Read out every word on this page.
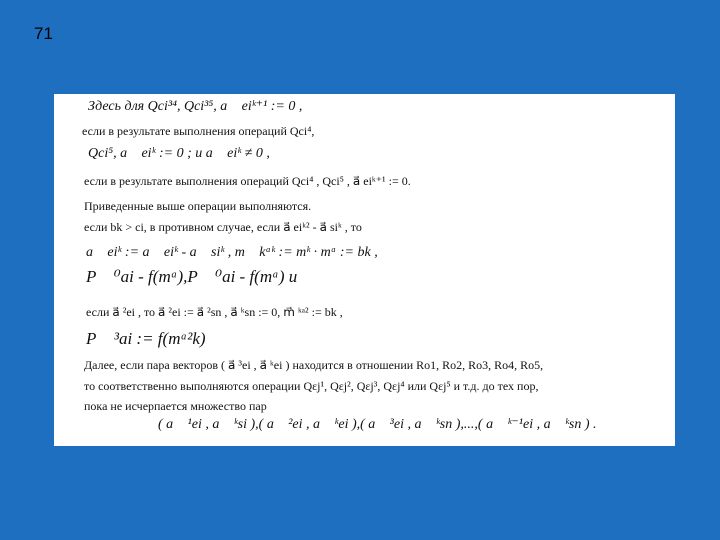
71
Здесь для Qсi³⁴, Qсi³⁵, a⃗ eiᵏ⁺¹ := 0 ,
если в результате выполнения операций Qсi⁴,
Qсi⁵, a⃗ eiᵏ := 0 ; и a⃗ eiᵏ ≠ 0 ,
если в результате выполнения операций Qсi⁴ , Qсi⁵ , a⃗ eiᵏ⁺¹ := 0.
Приведенные выше операции выполняются.
если bk > сi, в противном случае, если a⃗ eiᵏ² - a⃗ siᵏ , то
a⃗ eiᵏ := a⃗ eiᵏ - a⃗ siᵏ , m⃗ kᵃᵏ := mᵏ · mᵃ := bk ,
P⃗ ⁰ai - f(mᵃ),P⃗ ⁰ai - f(mᵃ) и
если a⃗ ²ei , то a⃗ ²ei := a⃗ ²sn , a⃗ ᵏsn := 0, m⃗ ᵏᵃ² := bk ,
P⃗ ³ai := f(mᵃ²k)
Далее, если пара векторов ( a⃗ ³ei , a⃗ ᵏei ) находится в отношении Rо1, Rо2, Rо3, Rо4, Rо5,
то соответственно выполняются операции Qεj¹, Qεj², Qεj³, Qεj⁴ или Qεj⁵ и т.д. до тех пор,
пока не исчерпается множество пар
( a⃗ ¹ei , a⃗ ᵏsi ),( a⃗ ²ei , a⃗ ᵏei ),( a⃗ ³ei , a⃗ ᵏsn ),...,( a⃗ ᵏ⁻¹ei , a⃗ ᵏsn ) .
